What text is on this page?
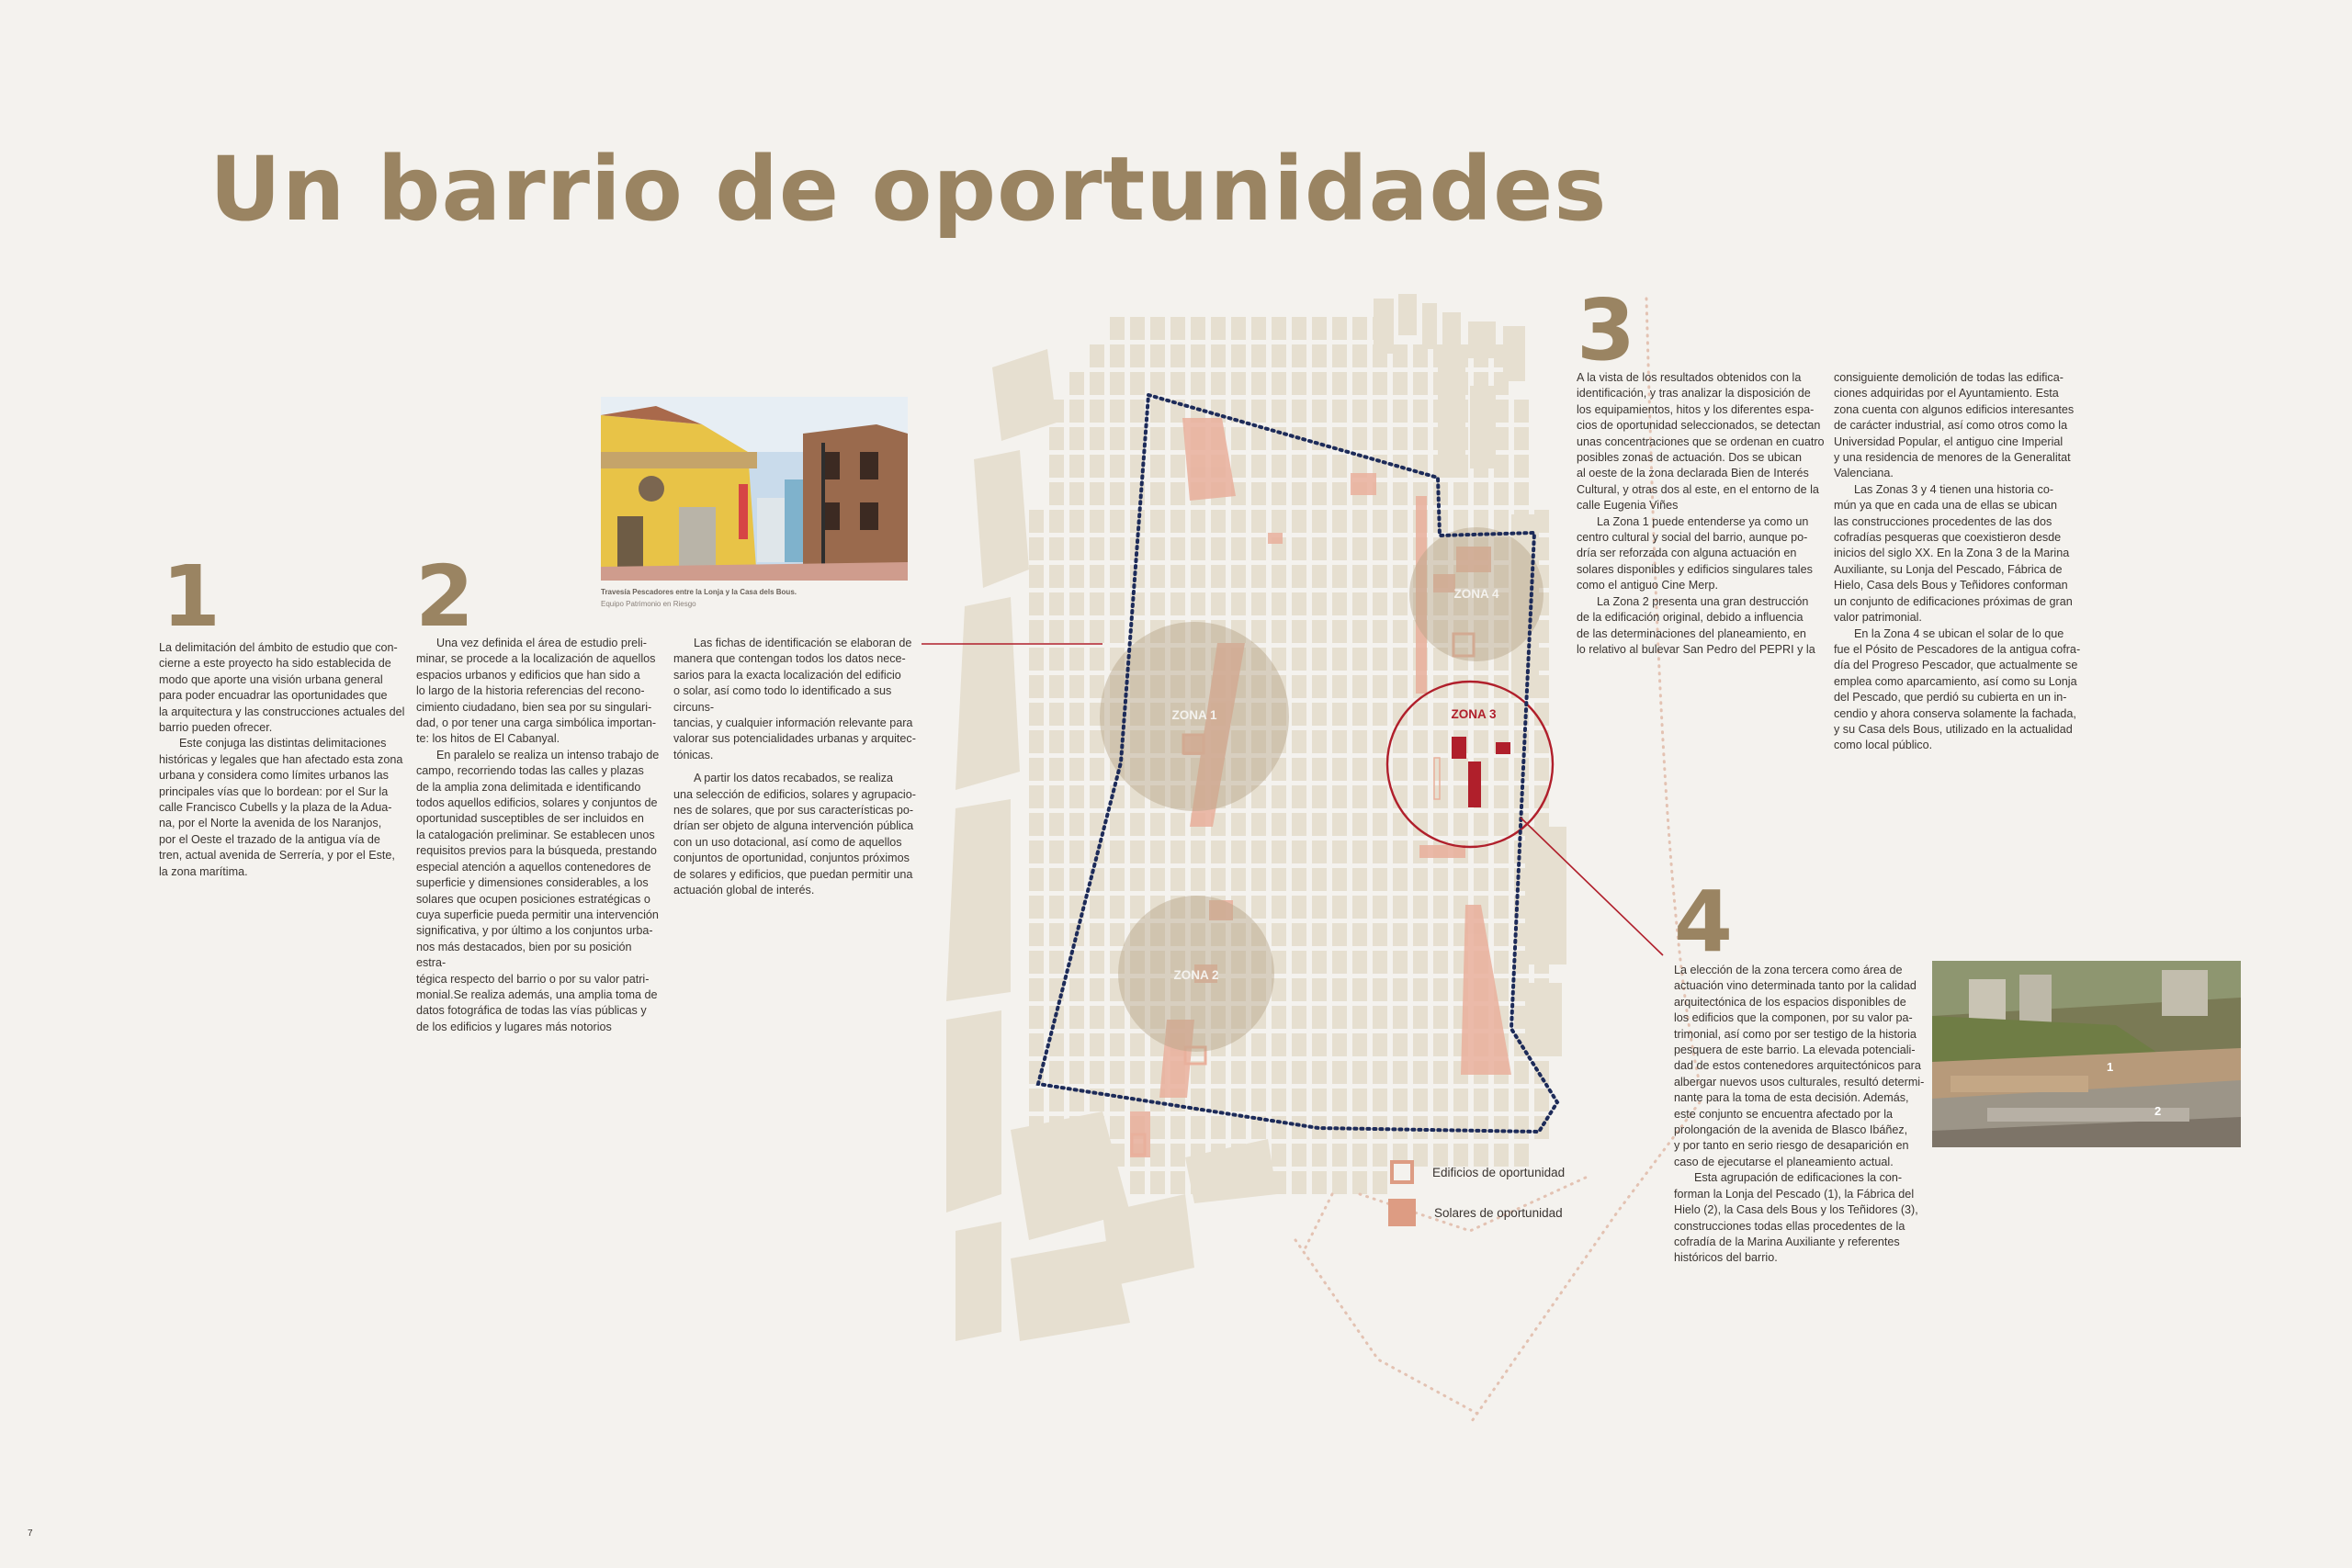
ZONA 1
ZONA 2
ZONA 3
ZONA 4
Un barrio de oportunidades
1

La delimitación del ámbito de estudio que con-
cierne a este proyecto ha sido establecida de
modo que aporte una visión urbana general
para poder encuadrar las oportunidades que
la arquitectura y las construcciones actuales del
barrio pueden ofrecer.

Este conjuga las distintas delimitaciones
históricas y legales que han afectado esta zona
urbana y considera como límites urbanos las
principales vías que lo bordean: por el Sur la
calle Francisco Cubells y la plaza de la Adua-
na, por el Norte la avenida de los Naranjos,
por el Oeste el trazado de la antigua vía de
tren, actual avenida de Serrería, y por el Este,
la zona marítima.

2	Travesía Pescadores entre la Lonja y la Casa dels Bous.
Equipo Patrimonio en Riesgo

Una vez definida el área de estudio preli-
minar, se procede a la localización de aquellos
espacios urbanos y edificios que han sido a
lo largo de la historia referencias del recono-
cimiento ciudadano, bien sea por su singulari-
dad, o por tener una carga simbólica importan-
te: los hitos de El Cabanyal.

En paralelo se realiza un intenso trabajo de
campo, recorriendo todas las calles y plazas
de la amplia zona delimitada e identificando
todos aquellos edificios, solares y conjuntos de
oportunidad susceptibles de ser incluidos en
la catalogación preliminar. Se establecen unos
requisitos previos para la búsqueda, prestando
especial atención a aquellos contenedores de
superficie y dimensiones considerables, a los
solares que ocupen posiciones estratégicas o
cuya superficie pueda permitir una intervención
significativa, y por último a los conjuntos urba-
nos más destacados, bien por su posición estra-
tégica respecto del barrio o por su valor patri-
monial.Se realiza además, una amplia toma de
datos fotográfica de todas las vías públicas y
de los edificios y lugares más notorios

Las fichas de identificación se elaboran de
manera que contengan todos los datos nece-
sarios para la exacta localización del edificio
o solar, así como todo lo identificado a sus circuns-
tancias, y cualquier información relevante para
valorar sus potencialidades urbanas y arquitec-
tónicas.

A partir los datos recabados, se realiza
una selección de edificios, solares y agrupacio-
nes de solares, que por sus características po-
drían ser objeto de alguna intervención pública
con un uso dotacional, así como de aquellos
conjuntos de oportunidad, conjuntos próximos
de solares y edificios, que puedan permitir una
actuación global de interés.

3

A la vista de los resultados obtenidos con la
identificación, y tras analizar la disposición de
los equipamientos, hitos y los diferentes espa-
cios de oportunidad seleccionados, se detectan
unas concentraciones que se ordenan en cuatro
posibles zonas de actuación. Dos se ubican
al oeste de la zona declarada Bien de Interés
Cultural, y otras dos al este, en el entorno de la
calle Eugenia Viñes

La Zona 1 puede entenderse ya como un
centro cultural y social del barrio, aunque po-
dría ser reforzada con alguna actuación en
solares disponibles y edificios singulares tales
como el antiguo Cine Merp.

La Zona 2 presenta una gran destrucción
de la edificación original, debido a influencia
de las determinaciones del planeamiento, en
lo relativo al bulevar San Pedro del PEPRI y la

consiguiente demolición de todas las edifica-
ciones adquiridas por el Ayuntamiento. Esta
zona cuenta con algunos edificios interesantes
de carácter industrial, así como otros como la
Universidad Popular, el antiguo cine Imperial
y una residencia de menores de la Generalitat
Valenciana.

Las Zonas 3 y 4 tienen una historia co-
mún ya que en cada una de ellas se ubican
las construcciones procedentes de las dos
cofradías pesqueras que coexistieron desde
inicios del siglo XX. En la Zona 3 de la Marina
Auxiliante, su Lonja del Pescado, Fábrica de
Hielo, Casa dels Bous y Teñidores conforman
un conjunto de edificaciones próximas de gran
valor patrimonial.

En la Zona 4 se ubican el solar de lo que
fue el Pósito de Pescadores de la antigua cofra-
día del Progreso Pescador, que actualmente se
emplea como aparcamiento, así como su Lonja
del Pescado, que perdió su cubierta en un in-
cendio y ahora conserva solamente la fachada,
y su Casa dels Bous, utilizado en la actualidad
como local público.

4

La elección de la zona tercera como área de
actuación vino determinada tanto por la calidad
arquitectónica de los espacios disponibles de
los edificios que la componen, por su valor pa-
trimonial, así como por ser testigo de la historia
pesquera de este barrio. La elevada potenciali-
dad de estos contenedores arquitectónicos para
albergar nuevos usos culturales, resultó determi-
nante para la toma de esta decisión. Además,
este conjunto se encuentra afectado por la
prolongación de la avenida de Blasco Ibáñez,
y por tanto en serio riesgo de desaparición en
caso de ejecutarse el planeamiento actual.

Esta agrupación de edificaciones la con-
forman la Lonja del Pescado (1), la Fábrica del
Hielo (2), la Casa dels Bous y los Teñidores (3),
construcciones todas ellas procedentes de la
cofradía de la Marina Auxiliante y referentes
históricos del barrio.

1
2
Edificios de oportunidad
Solares de oportunidad
7
